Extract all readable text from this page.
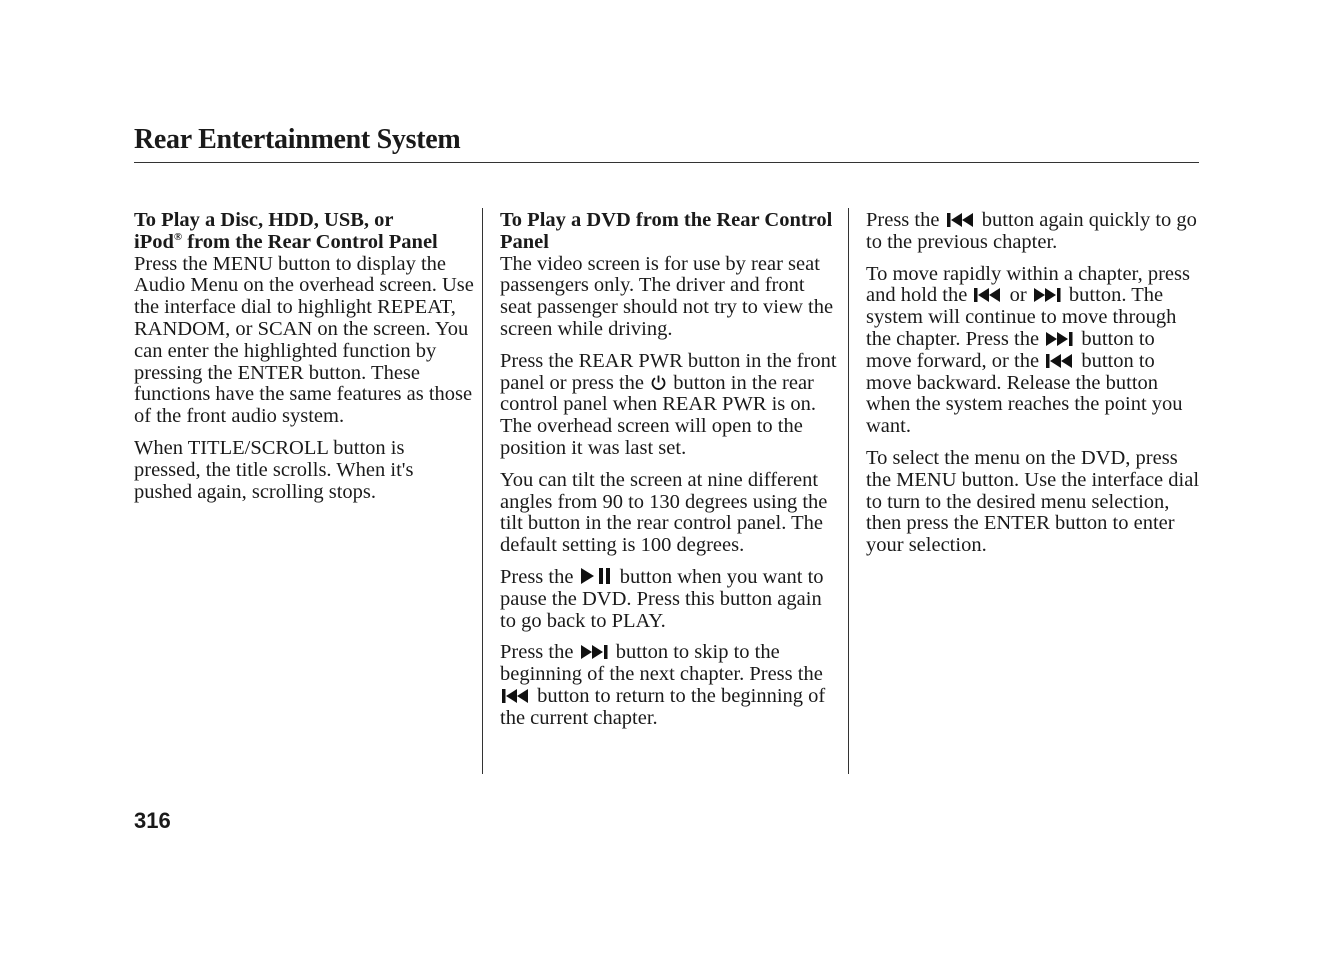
Rear Entertainment System
To Play a Disc, HDD, USB, or
iPod® from the Rear Control Panel

Press the MENU button to display the Audio Menu on the overhead screen. Use the interface dial to highlight REPEAT, RANDOM, or SCAN on the screen. You can enter the highlighted function by pressing the ENTER button. These functions have the same features as those of the front audio system.

When TITLE/SCROLL button is pressed, the title scrolls. When it's pushed again, scrolling stops.

To Play a DVD from the Rear Control Panel

The video screen is for use by rear seat passengers only. The driver and front seat passenger should not try to view the screen while driving.

Press the REAR PWR button in the front panel or press the
button in the rear control panel when REAR PWR is on. The overhead screen will open to the position it was last set.

You can tilt the screen at nine different angles from 90 to 130 degrees using the tilt button in the rear control panel. The default setting is 100 degrees.

Press the
button when you want to pause the DVD. Press this button again to go back to PLAY.

Press the
button to skip to the beginning of the next chapter. Press the
button to return to the beginning of the current chapter.

Press the
button again quickly to go to the previous chapter.

To move rapidly within a chapter, press and hold the
or
button. The system will continue to move through the chapter. Press the
button to move forward, or the
button to move backward. Release the button when the system reaches the point you want.

To select the menu on the DVD, press the MENU button. Use the interface dial to turn to the desired menu selection, then press the ENTER button to enter your selection.

316
